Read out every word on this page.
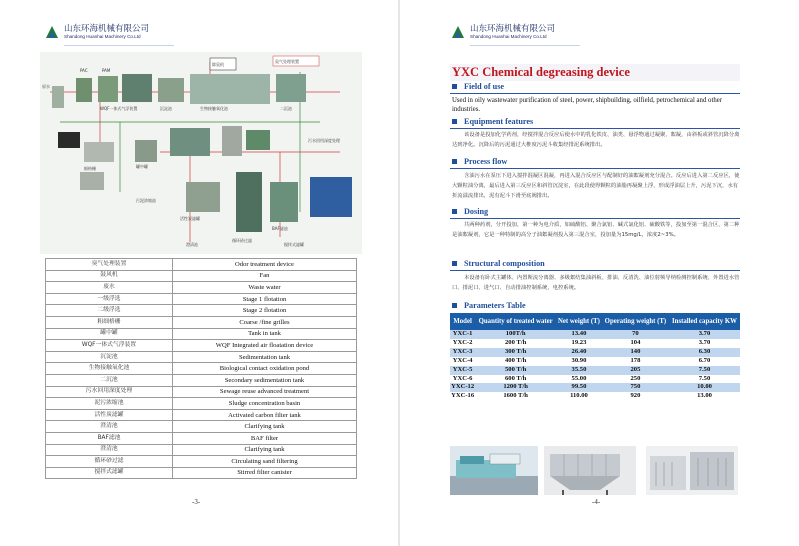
山东环海机械有限公司
Shandong Huanhai Machinery Co.Ltd
除臭机
臭气处理装置
PAC	PAM
原水
WQF一体式气浮装置	沉淀池	生物接触氧化池	二沉池
污水回用深度处理
细格栅	罐中罐
污泥浓缩池
活性炭滤罐
澄清池
BAF滤池
循环砂过滤
搅拌式滤罐
臭气处理装置	Odor treatment device
鼓风机	Fan
废水	Waste water
一级浮选	Stage 1 flotation
二级浮选	Stage 2 flotation
粗细格栅	Coarse /fine grilles
罐中罐	Tank in tank
WQF一体式气浮装置	WQF Integrated air floatation device
沉淀池	Sedimentation tank
生物接触氧化池	Biological contact oxidation pond
二沉池	Secondary sedimentation tank
污水回用深度处理	Sewage reuse advanced treatment
泥污浓缩池	Sludge concentration basin
活性炭滤罐	Activated carbon filter tank
澄清池	Clarifying tank
BAF滤池	BAF filter
澄清池	Clarifying tank
循环砂过滤	Circulating sand filtering
搅拌式滤罐	Stirred filter canister
-3-
山东环海机械有限公司
Shandong Huanhai Machinery Co.Ltd
YXC Chemical degreasing device
Field of use
Used in oily wastewater purification of steel, power, shipbuilding, oilfield, petrochemical and other industries.
Equipment features
该设备是投加化学药剂，经搅拌混合反应后使水中的乳化铁皮、油类、悬浮物通过凝聚、絮凝，由斜板或斜管沉降分离达到净化。沉降后的污泥通过大椎度污泥斗收集经排泥系统排出。
Process flow
含油污水在泵压下进入搅拌混凝区混凝，再进入混合反应区与配制好的油絮凝剂充分混合。反应后进入第二反应区，使大颗粒油分离，最后进入第三反应区和斜管沉淀室，在此段使得颗粒的油脂再凝聚上浮，形成浮油层上升，污泥下沉，水有折流溢流排出，泥有泥斗下滑至底阀排出。
Dosing
共两种药剂，分开投加，第一种为电介质，如硫酸铝、聚合氯铝、碱式氯化铝、硫酸铁等，投加至第一混合区，第二种是油絮凝剂，它是一种特制的高分子油絮凝剂投入第三混合室，投加量为15mg/L，浓度2~3%。
Structural composition
本设备有卧式主罐体、内置斯流分离器、多级絮结集油斜板、排油、反清洗、油位射频导纳检测控制系统、外置进水管口、排泥口、进气口、自动排油控制系统、电控系统。
Parameters Table
Model	Quantity of treated water	Net weight (T)	Operating weight (T)	Installed capacity KW
YXC-1	100T/h	13.40	70	3.70
YXC-2	200 T/h	19.23	104	3.70
YXC-3	300 T/h	26.40	140	6.30
YXC-4	400 T/h	30.90	178	6.70
YXC-5	500 T/h	35.50	205	7.50
YXC-6	600 T/h	55.00	250	7.50
YXC-12	1200 T/h	99.50	750	10.00
YXC-16	1600 T/h	110.00	920	13.00
-4-
